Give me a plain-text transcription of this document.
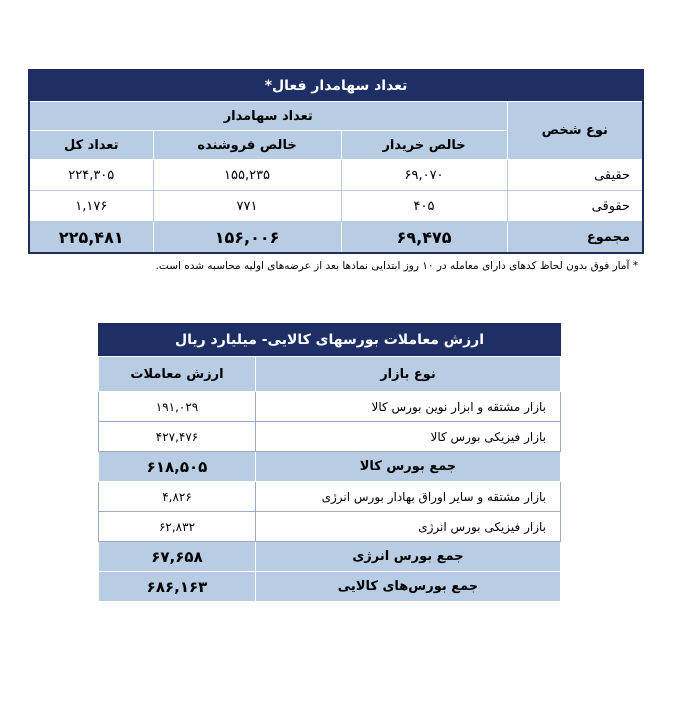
تعداد سهامدار فعال*			
نوع شخص	تعداد سهامدار		
	خالص خریدار	خالص فروشنده	تعداد کل
حقیقی	۶۹,۰۷۰	۱۵۵,۲۳۵	۲۲۴,۳۰۵
حقوقی	۴۰۵	۷۷۱	۱,۱۷۶
مجموع	۶۹,۴۷۵	۱۵۶,۰۰۶	۲۲۵,۴۸۱
* آمار فوق بدون لحاظ کدهای دارای معامله در ۱۰ روز ابتدایی نمادها بعد از عرضه‌های اولیه محاسبه شده است.
ارزش معاملات بورسهای کالایی- میلیارد ریال	
نوع بازار	ارزش معاملات
بازار مشتقه و ابزار نوین بورس کالا	۱۹۱,۰۲۹
بازار فیزیکی بورس کالا	۴۲۷,۴۷۶
جمع بورس کالا	۶۱۸,۵۰۵
بازار مشتقه و سایر اوراق بهادار بورس انرژی	۴,۸۲۶
بازار فیزیکی بورس انرژی	۶۲,۸۳۲
جمع بورس انرژی	۶۷,۶۵۸
جمع بورس‌های کالایی	۶۸۶,۱۶۳
